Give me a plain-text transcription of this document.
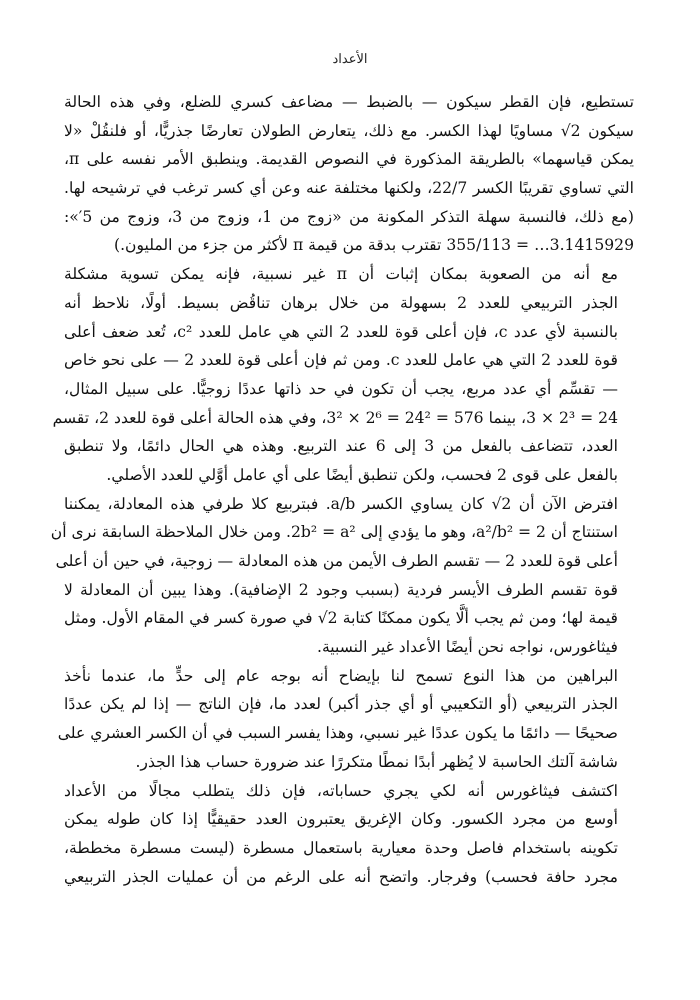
الأعداد

تستطيع، فإن القطر سيكون — بالضبط — مضاعف كسري للضلع، وفي هذه الحالة
سيكون 2√ مساويًا لهذا الكسر. مع ذلك، يتعارض الطولان تعارضًا جذريًّا، أو فلنقُلْ «لا
يمكن قياسهما» بالطريقة المذكورة في النصوص القديمة. وينطبق الأمر نفسه على π،
التي تساوي تقريبًا الكسر 22/7، ولكنها مختلفة عنه وعن أي كسر ترغب في ترشيحه لها.
(مع ذلك، فالنسبة سهلة التذكر المكونة من «زوج من 1، وزوج من 3، وزوج من 5′»:
3.1415929… = 355/113 تقترب بدقة من قيمة π لأكثر من جزء من المليون.)

مع أنه من الصعوبة بمكان إثبات أن π غير نسبية، فإنه يمكن تسوية مشكلة
الجذر التربيعي للعدد 2 بسهولة من خلال برهان تناقُض بسيط. أولًا، نلاحظ أنه
بالنسبة لأي عدد c، فإن أعلى قوة للعدد 2 التي هي عامل للعدد c²، تُعد ضعف أعلى
قوة للعدد 2 التي هي عامل للعدد c. ومن ثم فإن أعلى قوة للعدد 2 — على نحو خاص
— تقسِّم أي عدد مربع، يجب أن تكون في حد ذاتها عددًا زوجيًّا. على سبيل المثال،
24 = 2³ × 3، بينما 576 = 24² = 2⁶ × 3²، وفي هذه الحالة أعلى قوة للعدد 2، تقسم
العدد، تتضاعف بالفعل من 3 إلى 6 عند التربيع. وهذه هي الحال دائمًا، ولا تنطبق
بالفعل على قوى 2 فحسب، ولكن تنطبق أيضًا على أي عامل أوَّلي للعدد الأصلي.

افترض الآن أن 2√ كان يساوي الكسر a/b. فبتربيع كلا طرفي هذه المعادلة، يمكننا
استنتاج أن a²/b² = 2، وهو ما يؤدي إلى 2b² = a². ومن خلال الملاحظة السابقة نرى أن
أعلى قوة للعدد 2 — تقسم الطرف الأيمن من هذه المعادلة — زوجية، في حين أن أعلى
قوة تقسم الطرف الأيسر فردية (بسبب وجود 2 الإضافية). وهذا يبين أن المعادلة لا
قيمة لها؛ ومن ثم يجب ألَّا يكون ممكنًا كتابة 2√ في صورة كسر في المقام الأول. ومثل
فيثاغورس، نواجه نحن أيضًا الأعداد غير النسبية.

البراهين من هذا النوع تسمح لنا بإيضاح أنه بوجه عام إلى حدٍّ ما، عندما نأخذ
الجذر التربيعي (أو التكعيبي أو أي جذر أكبر) لعدد ما، فإن الناتج — إذا لم يكن عددًا
صحيحًا — دائمًا ما يكون عددًا غير نسبي، وهذا يفسر السبب في أن الكسر العشري على
شاشة آلتك الحاسبة لا يُظهر أبدًا نمطًا متكررًا عند ضرورة حساب هذا الجذر.

اكتشف فيثاغورس أنه لكي يجري حساباته، فإن ذلك يتطلب مجالًا من الأعداد
أوسع من مجرد الكسور. وكان الإغريق يعتبرون العدد حقيقيًّا إذا كان طوله يمكن
تكوينه باستخدام فاصل وحدة معيارية باستعمال مسطرة (ليست مسطرة مخططة،
مجرد حافة فحسب) وفرجار. واتضح أنه على الرغم من أن عمليات الجذر التربيعي
